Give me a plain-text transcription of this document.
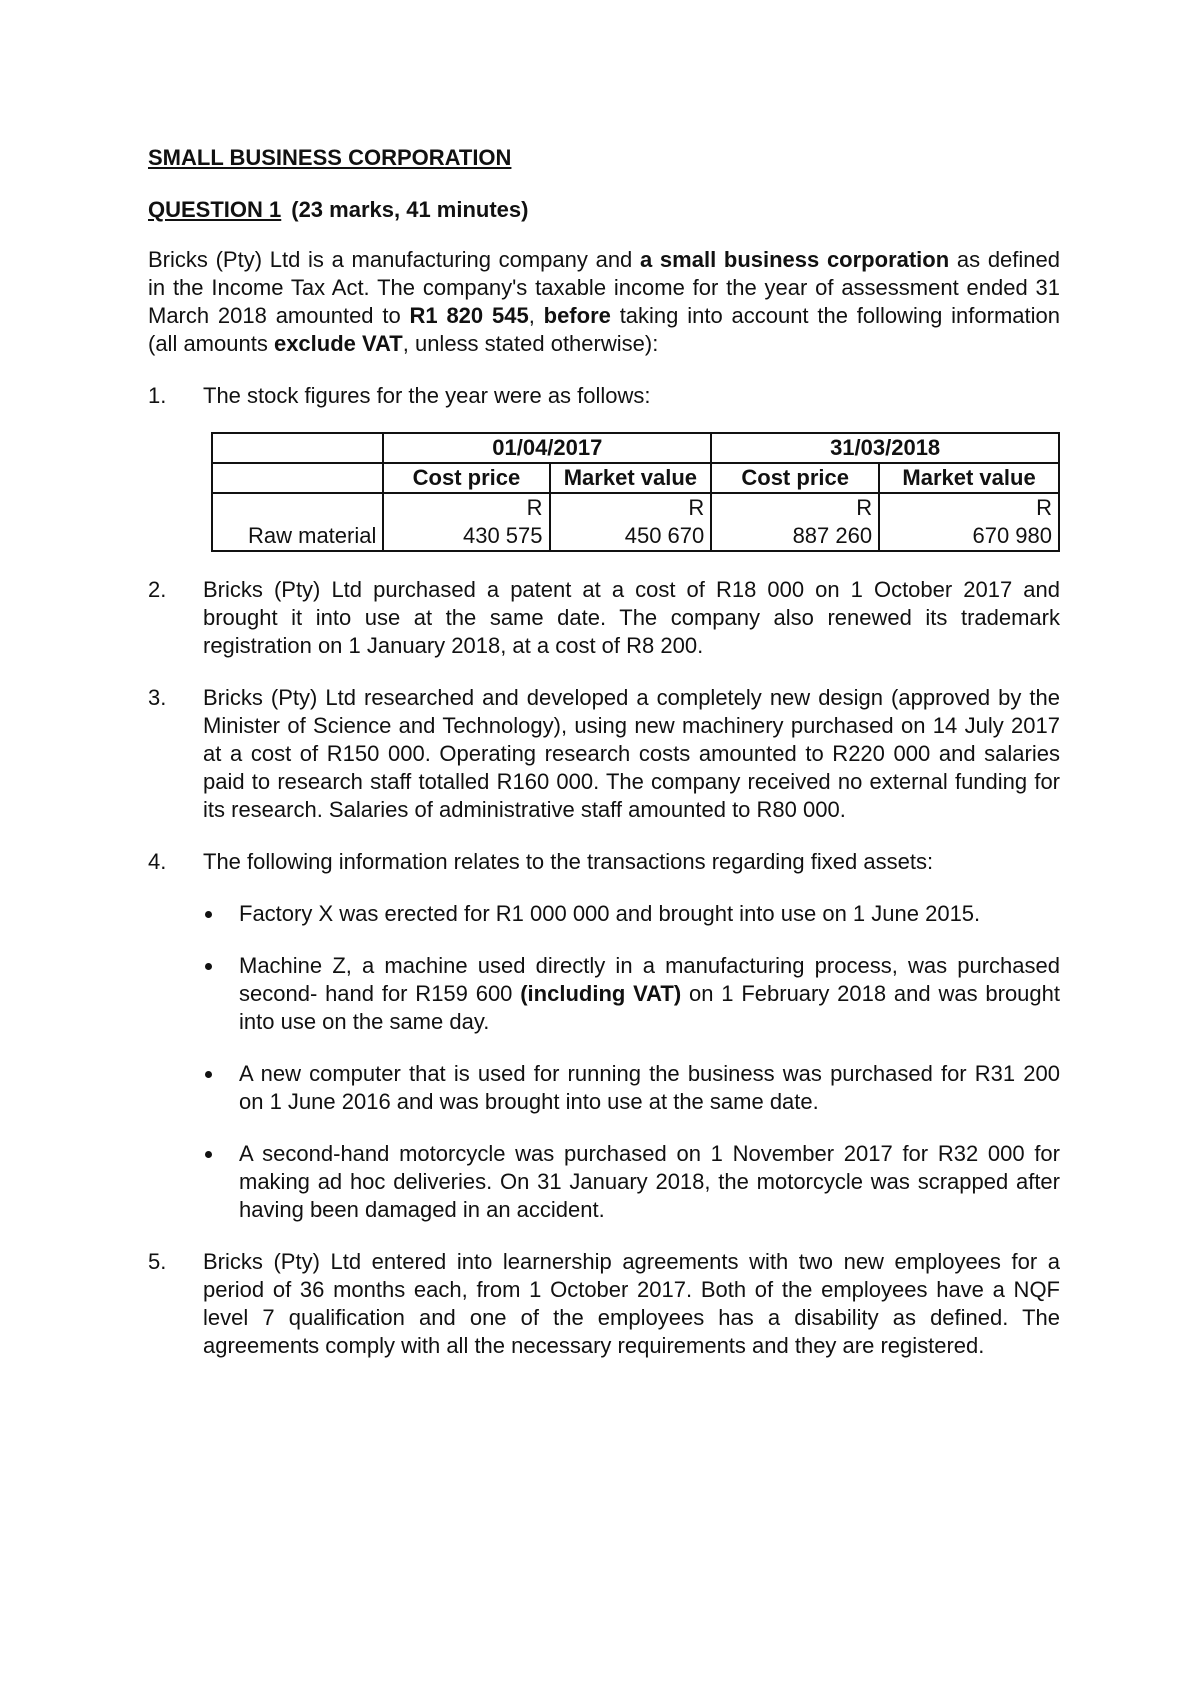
SMALL BUSINESS CORPORATION

QUESTION 1 (23 marks, 41 minutes)

Bricks (Pty) Ltd is a manufacturing company and a small business corporation as defined in the Income Tax Act. The company's taxable income for the year of assessment ended 31 March 2018 amounted to R1 820 545, before taking into account the following information (all amounts exclude VAT, unless stated otherwise):

1.	The stock figures for the year were as follows:
	01/04/2017		31/03/2018	
	Cost price	Market value	Cost price	Market value
	R	R	R	R
Raw material	430 575	450 670	887 260	670 980
2.	Bricks (Pty) Ltd purchased a patent at a cost of R18 000 on 1 October 2017 and brought it into use at the same date. The company also renewed its trademark registration on 1 January 2018, at a cost of R8 200.
3.	Bricks (Pty) Ltd researched and developed a completely new design (approved by the Minister of Science and Technology), using new machinery purchased on 14 July 2017 at a cost of R150 000. Operating research costs amounted to R220 000 and salaries paid to research staff totalled R160 000. The company received no external funding for its research. Salaries of administrative staff amounted to R80 000.
4.	The following information relates to the transactions regarding fixed assets:
Factory X was erected for R1 000 000 and brought into use on 1 June 2015.
Machine Z, a machine used directly in a manufacturing process, was purchased second- hand for R159 600 (including VAT) on 1 February 2018 and was brought into use on the same day.
A new computer that is used for running the business was purchased for R31 200 on 1 June 2016 and was brought into use at the same date.
A second-hand motorcycle was purchased on 1 November 2017 for R32 000 for making ad hoc deliveries. On 31 January 2018, the motorcycle was scrapped after having been damaged in an accident.
5.	Bricks (Pty) Ltd entered into learnership agreements with two new employees for a period of 36 months each, from 1 October 2017. Both of the employees have a NQF level 7 qualification and one of the employees has a disability as defined. The agreements comply with all the necessary requirements and they are registered.
